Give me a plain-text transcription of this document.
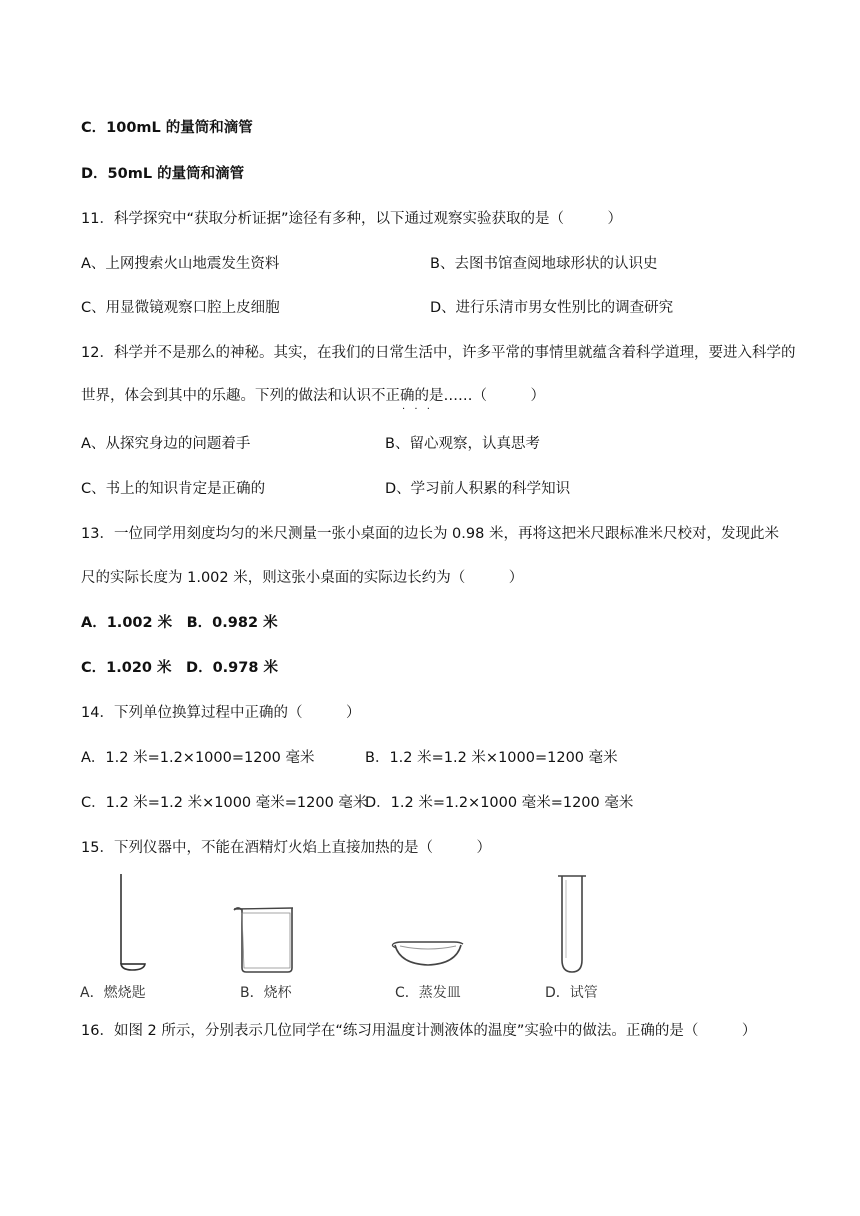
C．100mL 的量筒和滴管
D．50mL 的量筒和滴管
11．科学探究中“获取分析证据”途径有多种，以下通过观察实验获取的是（　　　）
A、上网搜索火山地震发生资料	B、去图书馆查阅地球形状的认识史
C、用显微镜观察口腔上皮细胞	D、进行乐清市男女性别比的调查研究
12．科学并不是那么的神秘。其实，在我们的日常生活中，许多平常的事情里就蕴含着科学道理，要进入科学的
世界，体会到其中的乐趣。下列的做法和认识不正确的是……（　　　）
· · ·
A、从探究身边的问题着手	B、留心观察，认真思考
C、书上的知识肯定是正确的	D、学习前人积累的科学知识
13．一位同学用刻度均匀的米尺测量一张小桌面的边长为 0.98 米，再将这把米尺跟标准米尺校对，发现此米
尺的实际长度为 1.002 米，则这张小桌面的实际边长约为（　　　）
A．1.002 米　B．0.982 米
C．1.020 米　D．0.978 米
14．下列单位换算过程中正确的（　　　）
A．1.2 米=1.2×1000=1200 毫米	B．1.2 米=1.2 米×1000=1200 毫米
C．1.2 米=1.2 米×1000 毫米=1200 毫米
D．1.2 米=1.2×1000 毫米=1200 毫米
15．下列仪器中，不能在酒精灯火焰上直接加热的是（　　　）
A．燃烧匙	B．烧杯	C．蒸发皿	D．试管
16．如图 2 所示，分别表示几位同学在“练习用温度计测液体的温度”实验中的做法。正确的是（　　　）
